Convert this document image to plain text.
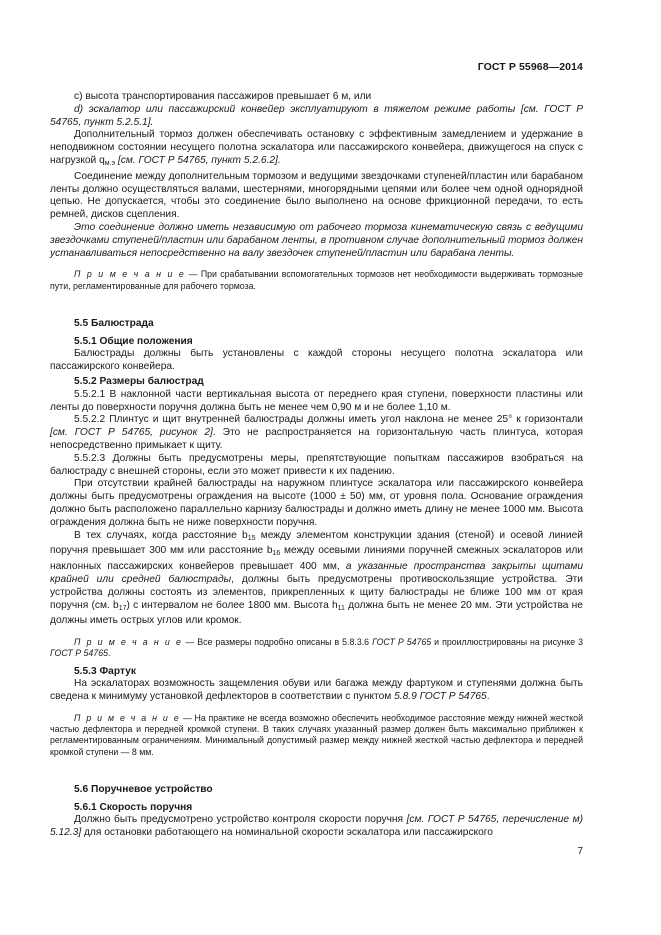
ГОСТ Р 55968—2014

c) высота транспортирования пассажиров превышает 6 м, или

d) эскалатор или пассажирский конвейер эксплуатируют в тяжелом режиме работы [см. ГОСТ Р 54765, пункт 5.2.5.1].

Дополнительный тормоз должен обеспечивать остановку с эффективным замедлением и удержание в неподвижном состоянии несущего полотна эскалатора или пассажирского конвейера, движущегося на спуск с нагрузкой $q_{м.э}$ [см. ГОСТ Р 54765, пункт 5.2.6.2].

Соединение между дополнительным тормозом и ведущими звездочками ступеней/пластин или барабаном ленты должно осуществляться валами, шестернями, многорядными цепями или более чем одной однорядной цепью. Не допускается, чтобы это соединение было выполнено на основе фрикционной передачи, то есть ремней, дисков сцепления.

Это соединение должно иметь независимую от рабочего тормоза кинематическую связь с ведущими звездочками ступеней/пластин или барабаном ленты, в противном случае дополнительный тормоз должен устанавливаться непосредственно на валу звездочек ступеней/пластин или барабана ленты.

П р и м е ч а н и е — При срабатывании вспомогательных тормозов нет необходимости выдерживать тормозные пути, регламентированные для рабочего тормоза.

5.5 Балюстрада

5.5.1 Общие положения

Балюстрады должны быть установлены с каждой стороны несущего полотна эскалатора или пассажирского конвейера.

5.5.2 Размеры балюстрад

5.5.2.1 В наклонной части вертикальная высота от переднего края ступени, поверхности пластины или ленты до поверхности поручня должна быть не менее чем 0,90 м и не более 1,10 м.

5.5.2.2 Плинтус и щит внутренней балюстрады должны иметь угол наклона не менее 25° к горизонтали [см. ГОСТ Р 54765, рисунок 2]. Это не распространяется на горизонтальную часть плинтуса, которая непосредственно примыкает к щиту.

5.5.2.3 Должны быть предусмотрены меры, препятствующие попыткам пассажиров взобраться на балюстраду с внешней стороны, если это может привести к их падению.

При отсутствии крайней балюстрады на наружном плинтусе эскалатора или пассажирского конвейера должны быть предусмотрены ограждения на высоте (1000 ± 50) мм, от уровня пола. Основание ограждения должно быть расположено параллельно карнизу балюстрады и должно иметь длину не менее 1000 мм. Высота ограждения должна быть не ниже поверхности поручня.

В тех случаях, когда расстояние $b_{15}$ между элементом конструкции здания (стеной) и осевой линией поручня превышает 300 мм или расстояние $b_{16}$ между осевыми линиями поручней смежных эскалаторов или наклонных пассажирских конвейеров превышает 400 мм, а указанные пространства закрыты щитами крайней или средней балюстрады, должны быть предусмотрены противоскользящие устройства. Эти устройства должны состоять из элементов, прикрепленных к щиту балюстрады не ближе 100 мм от края поручня (см. $b_{17}$) с интервалом не более 1800 мм. Высота $h_{11}$ должна быть не менее 20 мм. Эти устройства не должны иметь острых углов или кромок.

П р и м е ч а н и е — Все размеры подробно описаны в 5.8.3.6 ГОСТ Р 54765 и проиллюстрированы на рисунке 3 ГОСТ Р 54765.

5.5.3 Фартук

На эскалаторах возможность защемления обуви или багажа между фартуком и ступенями должна быть сведена к минимуму установкой дефлекторов в соответствии с пунктом 5.8.9 ГОСТ Р 54765.

П р и м е ч а н и е — На практике не всегда возможно обеспечить необходимое расстояние между нижней жесткой частью дефлектора и передней кромкой ступени. В таких случаях указанный размер должен быть максимально приближен к регламентированным ограничениям. Минимальный допустимый размер между нижней жесткой частью дефлектора и передней кромкой ступени — 8 мм.

5.6 Поручневое устройство

5.6.1 Скорость поручня

Должно быть предусмотрено устройство контроля скорости поручня [см. ГОСТ Р 54765, перечисление м) 5.12.3] для остановки работающего на номинальной скорости эскалатора или пассажирского

7
